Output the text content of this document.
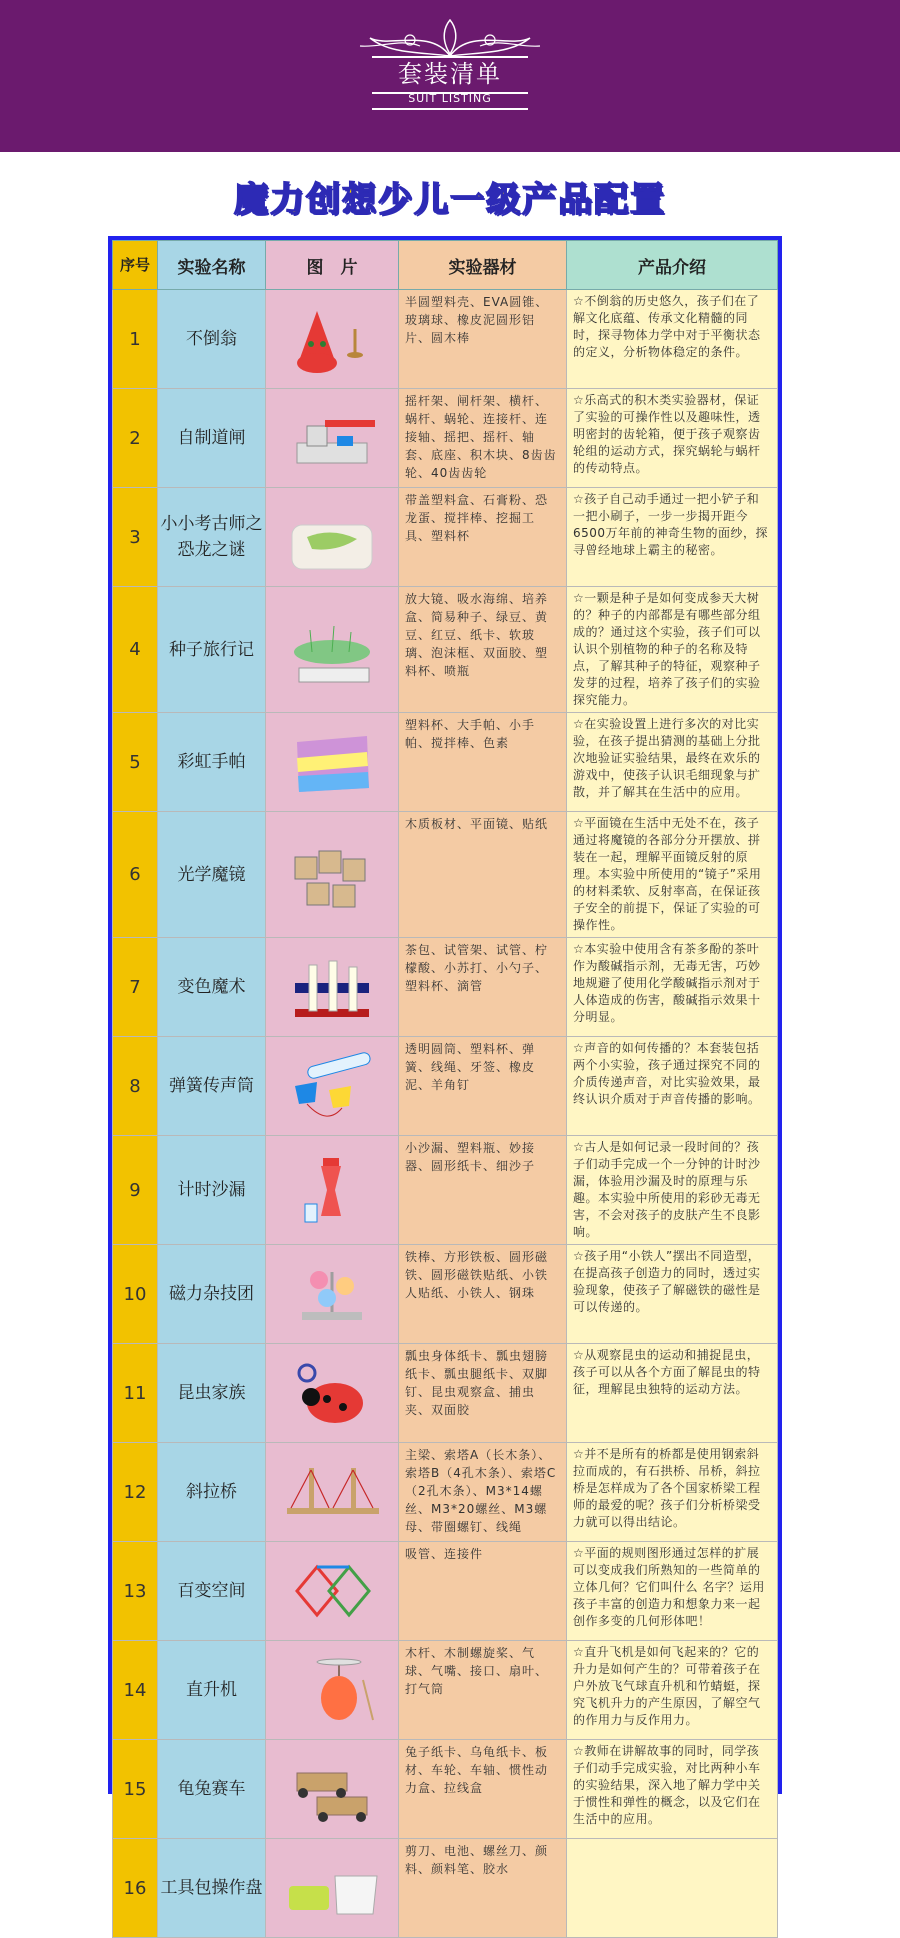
套装清单
SUIT LISTING
魔力创想少儿一级产品配置
序号	实验名称	图　片	实验器材	产品介绍
1	不倒翁		半圆塑料壳、EVA圆锥、玻璃球、橡皮泥圆形铝片、圆木棒	☆不倒翁的历史悠久，孩子们在了解文化底蕴、传承文化精髓的同时，探寻物体力学中对于平衡状态的定义，分析物体稳定的条件。
2	自制道闸		摇杆架、闸杆架、横杆、蜗杆、蜗轮、连接杆、连接轴、摇把、摇杆、轴套、底座、积木块、8齿齿轮、40齿齿轮	☆乐高式的积木类实验器材，保证了实验的可操作性以及趣味性，透明密封的齿轮箱，便于孩子观察齿轮组的运动方式，探究蜗轮与蜗杆的传动特点。
3	小小考古师之恐龙之谜		带盖塑料盒、石膏粉、恐龙蛋、搅拌棒、挖掘工具、塑料杯	☆孩子自己动手通过一把小铲子和一把小刷子，一步一步揭开距今6500万年前的神奇生物的面纱，探寻曾经地球上霸主的秘密。
4	种子旅行记		放大镜、吸水海绵、培养盒、简易种子、绿豆、黄豆、红豆、纸卡、软玻璃、泡沫框、双面胶、塑料杯、喷瓶	☆一颗是种子是如何变成参天大树的？种子的内部都是有哪些部分组成的？通过这个实验，孩子们可以认识个别植物的种子的名称及特点，了解其种子的特征，观察种子发芽的过程，培养了孩子们的实验探究能力。
5	彩虹手帕		塑料杯、大手帕、小手帕、搅拌棒、色素	☆在实验设置上进行多次的对比实验，在孩子提出猜测的基础上分批次地验证实验结果，最终在欢乐的游戏中，使孩子认识毛细现象与扩散，并了解其在生活中的应用。
6	光学魔镜		木质板材、平面镜、贴纸	☆平面镜在生活中无处不在，孩子通过将魔镜的各部分分开摆放、拼装在一起，理解平面镜反射的原理。本实验中所使用的“镜子”采用的材料柔软、反射率高，在保证孩子安全的前提下，保证了实验的可操作性。
7	变色魔术		茶包、试管架、试管、柠檬酸、小苏打、小勺子、塑料杯、滴管	☆本实验中使用含有茶多酚的茶叶作为酸碱指示剂，无毒无害，巧妙地规避了使用化学酸碱指示剂对于人体造成的伤害，酸碱指示效果十分明显。
8	弹簧传声筒		透明圆筒、塑料杯、弹簧、线绳、牙签、橡皮泥、羊角钉	☆声音的如何传播的？本套装包括两个小实验，孩子通过探究不同的介质传递声音，对比实验效果，最终认识介质对于声音传播的影响。
9	计时沙漏		小沙漏、塑料瓶、妙接器、圆形纸卡、细沙子	☆古人是如何记录一段时间的？孩子们动手完成一个一分钟的计时沙漏，体验用沙漏及时的原理与乐趣。本实验中所使用的彩砂无毒无害，不会对孩子的皮肤产生不良影响。
10	磁力杂技团		铁棒、方形铁板、圆形磁铁、圆形磁铁贴纸、小铁人贴纸、小铁人、钢珠	☆孩子用“小铁人”摆出不同造型，在提高孩子创造力的同时，透过实验现象，使孩子了解磁铁的磁性是可以传递的。
11	昆虫家族		瓢虫身体纸卡、瓢虫翅膀纸卡、瓢虫腿纸卡、双脚钉、昆虫观察盒、捕虫夹、双面胶	☆从观察昆虫的运动和捕捉昆虫，孩子可以从各个方面了解昆虫的特征，理解昆虫独特的运动方法。
12	斜拉桥		主梁、索塔A（长木条）、索塔B（4孔木条）、索塔C（2孔木条）、M3*14螺丝、M3*20螺丝、M3螺母、带圈螺钉、线绳	☆并不是所有的桥都是使用钢索斜拉而成的，有石拱桥、吊桥，斜拉桥是怎样成为了各个国家桥梁工程师的最爱的呢？孩子们分析桥梁受力就可以得出结论。
13	百变空间		吸管、连接件	☆平面的规则图形通过怎样的扩展可以变成我们所熟知的一些简单的立体几何？它们叫什么 名字？运用孩子丰富的创造力和想象力来一起创作多变的几何形体吧！
14	直升机		木杆、木制螺旋桨、气球、气嘴、接口、扇叶、打气筒	☆直升飞机是如何飞起来的？它的升力是如何产生的？可带着孩子在户外放飞气球直升机和竹蜻蜓，探究飞机升力的产生原因，了解空气的作用力与反作用力。
15	龟兔赛车		兔子纸卡、乌龟纸卡、板材、车轮、车轴、惯性动力盒、拉线盒	☆教师在讲解故事的同时，同学孩子们动手完成实验，对比两种小车的实验结果，深入地了解力学中关于惯性和弹性的概念，以及它们在生活中的应用。
16	工具包操作盘		剪刀、电池、螺丝刀、颜料、颜料笔、胶水	
